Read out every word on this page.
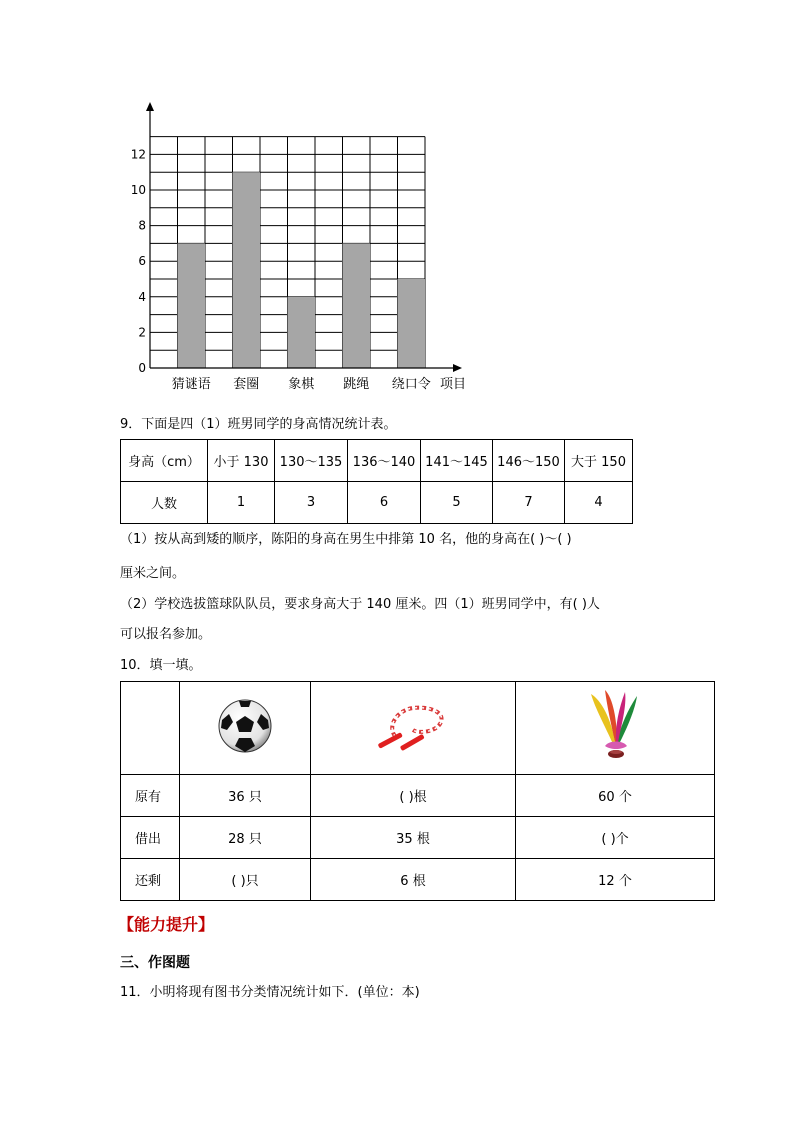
0
2
4
6
8
10
12
猜谜语 套圈 象棋 跳绳 绕口令 项目
9．下面是四（1）班男同学的身高情况统计表。
身高（cm）	小于 130	130～135	136～140	141～145	146～150	大于 150
人数	1	3	6	5	7	4
（1）按从高到矮的顺序，陈阳的身高在男生中排第 10 名，他的身高在( )～( )
厘米之间。
（2）学校选拔篮球队队员，要求身高大于 140 厘米。四（1）班男同学中，有( )人
可以报名参加。
10．填一填。

原有	36 只	( )根	60 个
借出	28 只	35 根	( )个
还剩	( )只	6 根	12 个
【能力提升】
三、作图题
11．小明将现有图书分类情况统计如下．(单位：本)
